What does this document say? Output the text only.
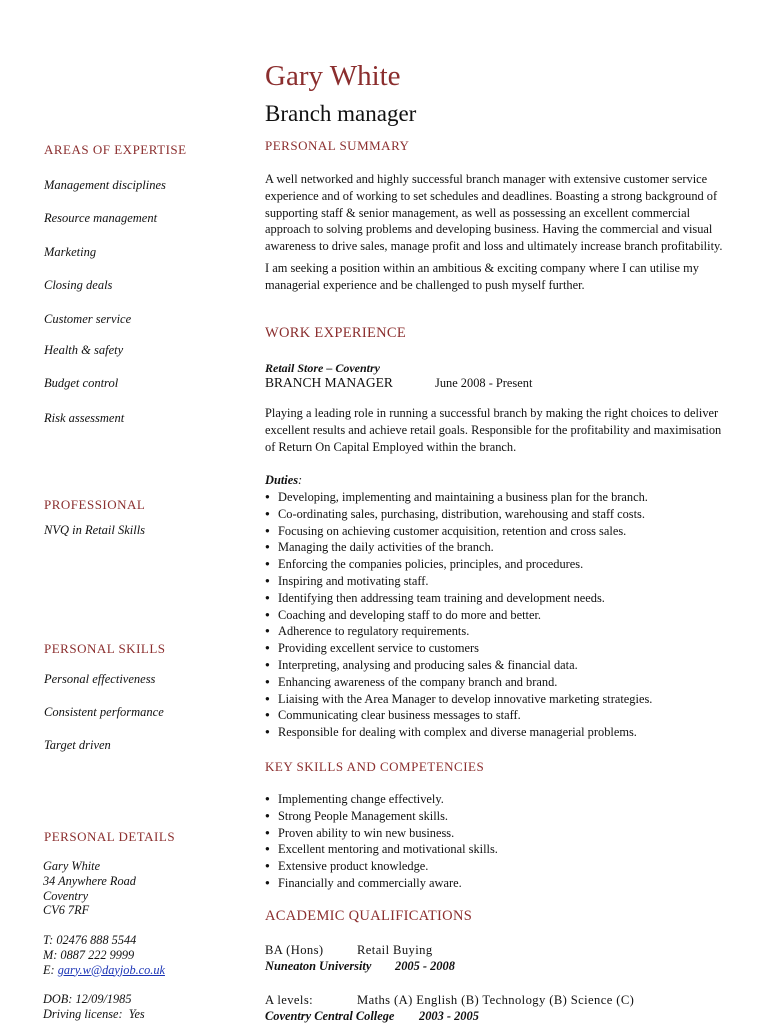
Gary White
Branch manager
AREAS OF EXPERTISE
Management disciplines
Resource management
Marketing
Closing deals
Customer service
Health & safety
Budget control
Risk assessment
PROFESSIONAL
NVQ in Retail Skills
PERSONAL SKILLS
Personal effectiveness
Consistent performance
Target driven
PERSONAL DETAILS
Gary White
34 Anywhere Road
Coventry
CV6 7RF
T: 02476 888 5544
M: 0887 222 9999
E: gary.w@dayjob.co.uk
DOB: 12/09/1985
Driving license: Yes
PERSONAL SUMMARY

A well networked and highly successful branch manager with extensive customer service experience and of working to set schedules and deadlines. Boasting a strong background of supporting staff & senior management, as well as possessing an excellent commercial approach to solving problems and developing business. Having the commercial and visual awareness to drive sales, manage profit and loss and ultimately increase branch profitability.

I am seeking a position within an ambitious & exciting company where I can utilise my managerial experience and be challenged to push myself further.

WORK EXPERIENCE
Retail Store – Coventry
BRANCH MANAGER	June 2008 - Present
Playing a leading role in running a successful branch by making the right choices to deliver excellent results and achieve retail goals. Responsible for the profitability and maximisation of Return On Capital Employed within the branch.
Duties:
● Developing, implementing and maintaining a business plan for the branch.
● Co-ordinating sales, purchasing, distribution, warehousing and staff costs.
● Focusing on achieving customer acquisition, retention and cross sales.
● Managing the daily activities of the branch.
● Enforcing the companies policies, principles, and procedures.
● Inspiring and motivating staff.
● Identifying then addressing team training and development needs.
● Coaching and developing staff to do more and better.
● Adherence to regulatory requirements.
● Providing excellent service to customers
● Interpreting, analysing and producing sales & financial data.
● Enhancing awareness of the company branch and brand.
● Liaising with the Area Manager to develop innovative marketing strategies.
● Communicating clear business messages to staff.
● Responsible for dealing with complex and diverse managerial problems.
KEY SKILLS AND COMPETENCIES
● Implementing change effectively.
● Strong People Management skills.
● Proven ability to win new business.
● Excellent mentoring and motivational skills.
● Extensive product knowledge.
● Financially and commercially aware.
ACADEMIC QUALIFICATIONS
BA (Hons)	Retail Buying
Nuneaton University 2005 - 2008
A levels:	Maths (A) English (B) Technology (B) Science (C)
Coventry Central College 2003 - 2005
